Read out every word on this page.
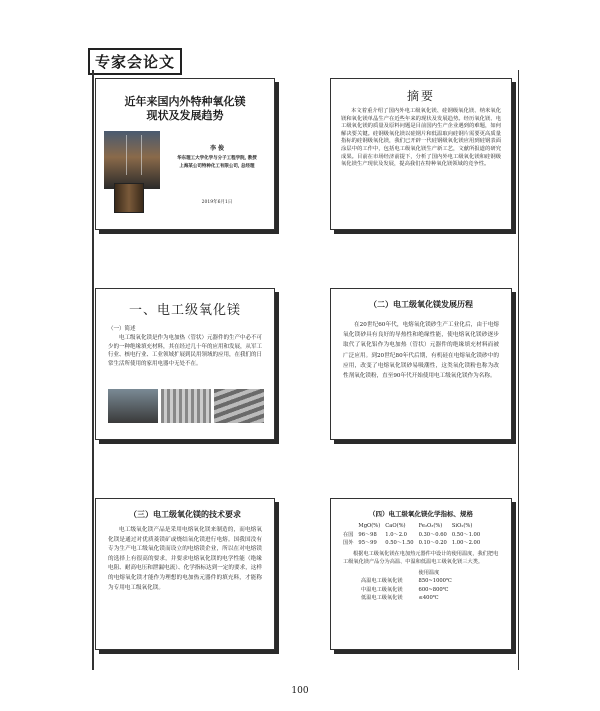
专家会论文
近年来国内外特种氧化镁
现状及发展趋势
李 俊
华东理工大学化学与分子工程学院, 教授
上海某公司特种化工有限公司, 总经理
2019年6月1日
摘要
本文着重介绍了国内外电工级氧化镁、硅钢级氧化镁、纳米氧化镁和氧化镁单晶生产在近些年来的现状及发展趋势。经历氧化镁、电工级氧化镁的质量及原料问题是目前国内生产企业遇到的难题，如何解决要关键。硅钢级氧化镁以硅钢片和低温取向硅钢片需要更高质量指标的硅钢级氧化镁，我们已开辟一代硅钢级氧化镁应用到硅钢表面涂层中的工作中，包括电工级氧化镁生产新工艺，文献所报道的研究成果。目前在市场经济前提下，分析了国内外电工级氧化镁和硅钢级氧化镁生产现状及发展，提高我们在特种氧化镁领域的竞争性。
一、电工级氧化镁
（一）简述
电工级氧化镁是作为电加热（管状）元器件的生产中必不可少的一种绝缘填充材料，其在经过几十年的应用和发展，从军工行业、核电行业、工业领域扩展到民用领域的应用，在我们的日常生活所使用的家用电器中无处不在。
（二）电工级氧化镁发展历程
在20世纪60年代，电熔氧化镁砂生产工业化后，由于电熔氧化镁砂具有良好的导热性和绝缘性能，使电熔氧化镁砂逐步取代了氧化铝作为电加热（管状）元器件的绝缘填充材料而被广泛应用。到20世纪80年代后期，有机硅在电熔氧化镁砂中的应用，改变了电熔氧化镁砂易吸潮性，这类氧化镁粉也称为改性剂氧化镁粉，直至90年代开始使用电工级氧化镁作为名称。
（三）电工级氧化镁的技术要求
电工级氧化镁产品是采用电熔氧化镁来制造的，而电熔氧化镁是通过对优质菱镁矿或烧结氧化镁进行电熔。国我国没有专为生产电工级氧化镁而设立的电熔镁企业，所以在对电熔镁的选择上有很高的要求，并要求电熔氧化镁的电学性能（绝缘电阻、耐高电压和泄漏电流）、化学指标达到一定的要求，这样的电熔氧化镁才能作为理想的电加热元器件的填充料，才能称为专用电工级氧化镁。
（四）电工级氧化镁化学指标、规格
	MgO(%)	CaO(%)	Fe₂O₃(%)	SiO₂(%)
在国	96～98	1.0～2.0	0.30～0.60	0.50～1.00
国外	95～99	0.50～1.50	0.10～0.20	1.00～2.00
根据电工级氧化镁在电加热元器件中设计的使用温度，我们把电工级氧化镁产品分为高温、中温和低温电工级氧化镁三大类。
	使用温度
高温电工级氧化镁	850~1000℃
中温电工级氧化镁	600~800℃
低温电工级氧化镁	≤400℃
100
